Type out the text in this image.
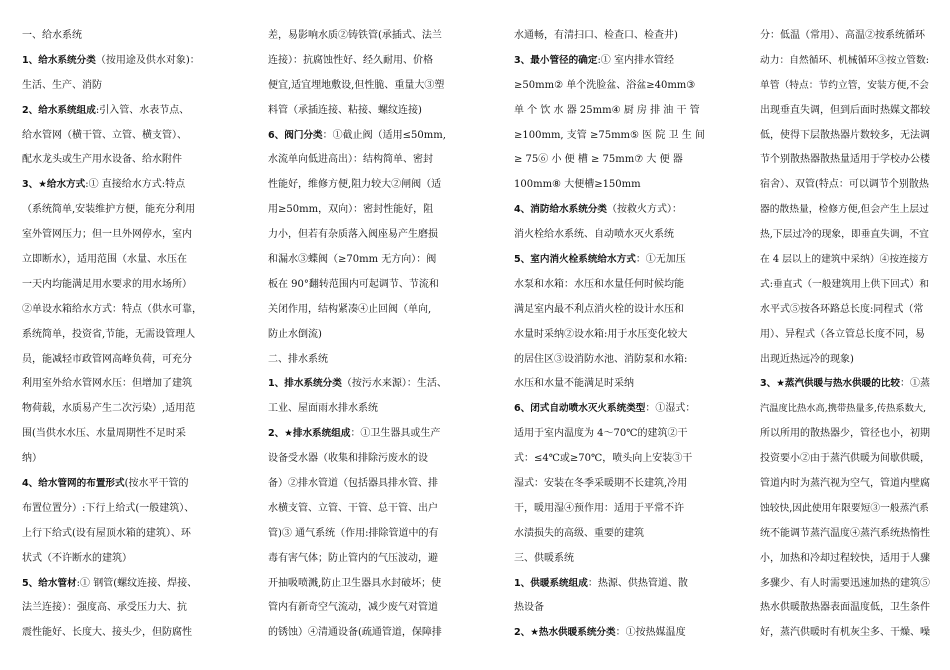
一、给水系统
1、给水系统分类（按用途及供水对象)：
生活、生产、消防
2、给水系统组成:引入管、水表节点、
给水管网（横干管、立管、横支管）、
配水龙头或生产用水设备、给水附件
3、★给水方式:① 直接给水方式:特点
（系统简单,安装维护方便，能充分利用
室外管网压力；但一旦外网停水，室内
立即断水），适用范围（水量、水压在
一天内均能满足用水要求的用水场所）
②单设水箱给水方式：特点（供水可靠，
系统简单，投资省,节能，无需设管理人
员，能减轻市政管网高峰负荷，可充分
利用室外给水管网水压：但增加了建筑
物荷载，水质易产生二次污染）,适用范
围(当供水水压、水量周期性不足时采
纳）
4、给水管网的布置形式(按水平干管的
布置位置分）:下行上给式(一般建筑）、
上行下给式(设有屋顶水箱的建筑）、环
状式（不许断水的建筑）
5、给水管材:① 钢管(螺纹连接、焊接、
法兰连接）：强度高、承受压力大、抗
震性能好、长度大、接头少，但防腐性
差，易影响水质②铸铁管(承插式、法兰
连接）：抗腐蚀性好、经久耐用、价格
便宜,适宜埋地敷设,但性脆、重量大③塑
料管（承插连接、粘接、螺纹连接)
6、阀门分类：①截止阀（适用≤50mm,
水流单向低进高出）：结构简单、密封
性能好，维修方便,阻力较大②闸阀（适
用≥50mm，双向）：密封性能好，阻
力小，但若有杂质落入阀座易产生磨损
和漏水③蝶阀（≥70mm 无方向）：阀
板在 90°翻转范围内可起调节、节流和
关闭作用，结构紧凑④止回阀（单向,
防止水倒流)
二、排水系统
1、排水系统分类（按污水来源）：生活、
工业、屋面雨水排水系统
2、★排水系统组成：①卫生器具或生产
设备受水器（收集和排除污废水的设
备）②排水管道（包括器具排水管、排
水横支管、立管、干管、总干管、出户
管)③ 通气系统（作用:排除管道中的有
毒有害气体；防止管内的气压波动，避
开抽吸喷溅,防止卫生器具水封破坏；使
管内有新奇空气流动，减少废气对管道
的锈蚀）④清通设备(疏通管道，保障排
水通畅，有清扫口、检查口、检查井)
3、最小管径的确定:① 室内排水管经
≥50mm② 单个洗脸盆、浴盆≥40mm③
单 个 饮 水 器 25mm④ 厨 房 排 油 干 管
≥100mm, 支管 ≥75mm⑤ 医 院 卫 生 间
≥ 75⑥ 小 便 槽 ≥ 75mm⑦ 大 便 器
100mm⑧ 大便槽≥150mm
4、消防给水系统分类（按救火方式）：
消火栓给水系统、自动喷水灭火系统
5、室内消火栓系统给水方式：①无加压
水泵和水箱：水压和水量任何时候均能
满足室内最不利点消火栓的设计水压和
水量时采纳②设水箱:用于水压变化较大
的居住区③设消防水池、消防泵和水箱:
水压和水量不能满足时采纳
6、闭式自动喷水灭火系统类型：①湿式：
适用于室内温度为 4～70℃的建筑②干
式：≤4℃或≥70℃，喷头向上安装③干
湿式：安装在冬季采暖期不长建筑,冷用
干，暖用湿④预作用：适用于平常不许
水渍损失的高级、重要的建筑
三、供暖系统
1、供暖系统组成：热源、供热管道、散
热设备
2、★热水供暖系统分类：①按热媒温度
分：低温（常用）、高温②按系统循环
动力：自然循环、机械循环③按立管数:
单管（特点：节约立管，安装方便,不会
出现垂直失调，但到后面时热媒文都较
低，使得下层散热器片数较多，无法调
节个别散热器散热量适用于学校办公楼
宿舍）、双管(特点：可以调节个别散热
器的散热量，检修方便,但会产生上层过
热,下层过冷的现象，即垂直失调，不宜
在 4 层以上的建筑中采纳）④按连接方
式:垂直式（一般建筑用上供下回式）和
水平式⑤按各环路总长度:同程式（常
用）、异程式（各立管总长度不同，易
出现近热远冷的现象)
3、★蒸汽供暖与热水供暖的比较：①蒸
汽温度比热水高,携带热量多,传热系数大,
所以所用的散热器少，管径也小，初期
投资要小②由于蒸汽供暖为间歇供暖，
管道内时为蒸汽视为空气，管道内壁腐
蚀较快,因此使用年限要短③一般蒸汽系
统不能调节蒸汽温度④蒸汽系统热惰性
小，加热和冷却过程较快，适用于人骤
多骤少、有人时需要迅速加热的建筑⑤
热水供暖散热器表面温度低，卫生条件
好，蒸汽供暖时有机灰尘多、干燥、噪
